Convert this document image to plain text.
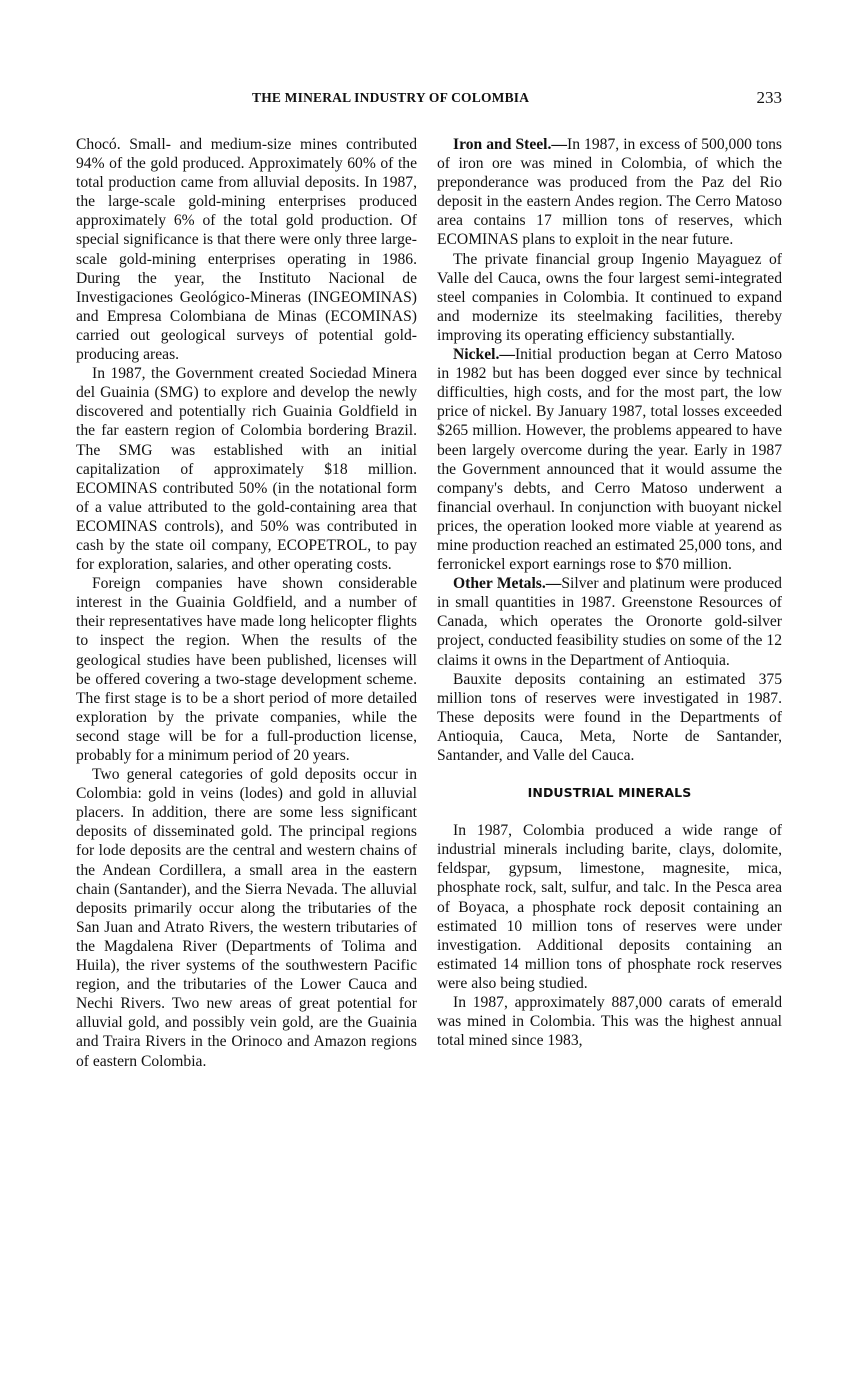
THE MINERAL INDUSTRY OF COLOMBIA	233

Chocó. Small- and medium-size mines contributed 94% of the gold produced. Approximately 60% of the total production came from alluvial deposits. In 1987, the large-scale gold-mining enterprises produced approximately 6% of the total gold production. Of special significance is that there were only three large-scale gold-mining enterprises operating in 1986. During the year, the Instituto Nacional de Investigaciones Geológico-Mineras (INGEOMINAS) and Empresa Colombiana de Minas (ECOMINAS) carried out geological surveys of potential gold-producing areas.

In 1987, the Government created Sociedad Minera del Guainia (SMG) to explore and develop the newly discovered and potentially rich Guainia Goldfield in the far eastern region of Colombia bordering Brazil. The SMG was established with an initial capitalization of approximately $18 million. ECOMINAS contributed 50% (in the notational form of a value attributed to the gold-containing area that ECOMINAS controls), and 50% was contributed in cash by the state oil company, ECOPETROL, to pay for exploration, salaries, and other operating costs.

Foreign companies have shown considerable interest in the Guainia Goldfield, and a number of their representatives have made long helicopter flights to inspect the region. When the results of the geological studies have been published, licenses will be offered covering a two-stage development scheme. The first stage is to be a short period of more detailed exploration by the private companies, while the second stage will be for a full-production license, probably for a minimum period of 20 years.

Two general categories of gold deposits occur in Colombia: gold in veins (lodes) and gold in alluvial placers. In addition, there are some less significant deposits of disseminated gold. The principal regions for lode deposits are the central and western chains of the Andean Cordillera, a small area in the eastern chain (Santander), and the Sierra Nevada. The alluvial deposits primarily occur along the tributaries of the San Juan and Atrato Rivers, the western tributaries of the Magdalena River (Departments of Tolima and Huila), the river systems of the southwestern Pacific region, and the tributaries of the Lower Cauca and Nechi Rivers. Two new areas of great potential for alluvial gold, and possibly vein gold, are the Guainia and Traira Rivers in the Orinoco and Amazon regions of eastern Colombia.

Iron and Steel.—In 1987, in excess of 500,000 tons of iron ore was mined in Colombia, of which the preponderance was produced from the Paz del Rio deposit in the eastern Andes region. The Cerro Matoso area contains 17 million tons of reserves, which ECOMINAS plans to exploit in the near future.

The private financial group Ingenio Mayaguez of Valle del Cauca, owns the four largest semi-integrated steel companies in Colombia. It continued to expand and modernize its steelmaking facilities, thereby improving its operating efficiency substantially.

Nickel.—Initial production began at Cerro Matoso in 1982 but has been dogged ever since by technical difficulties, high costs, and for the most part, the low price of nickel. By January 1987, total losses exceeded $265 million. However, the problems appeared to have been largely overcome during the year. Early in 1987 the Government announced that it would assume the company's debts, and Cerro Matoso underwent a financial overhaul. In conjunction with buoyant nickel prices, the operation looked more viable at yearend as mine production reached an estimated 25,000 tons, and ferronickel export earnings rose to $70 million.

Other Metals.—Silver and platinum were produced in small quantities in 1987. Greenstone Resources of Canada, which operates the Oronorte gold-silver project, conducted feasibility studies on some of the 12 claims it owns in the Department of Antioquia.

Bauxite deposits containing an estimated 375 million tons of reserves were investigated in 1987. These deposits were found in the Departments of Antioquia, Cauca, Meta, Norte de Santander, Santander, and Valle del Cauca.

INDUSTRIAL MINERALS

In 1987, Colombia produced a wide range of industrial minerals including barite, clays, dolomite, feldspar, gypsum, limestone, magnesite, mica, phosphate rock, salt, sulfur, and talc. In the Pesca area of Boyaca, a phosphate rock deposit containing an estimated 10 million tons of reserves were under investigation. Additional deposits containing an estimated 14 million tons of phosphate rock reserves were also being studied.

In 1987, approximately 887,000 carats of emerald was mined in Colombia. This was the highest annual total mined since 1983,
